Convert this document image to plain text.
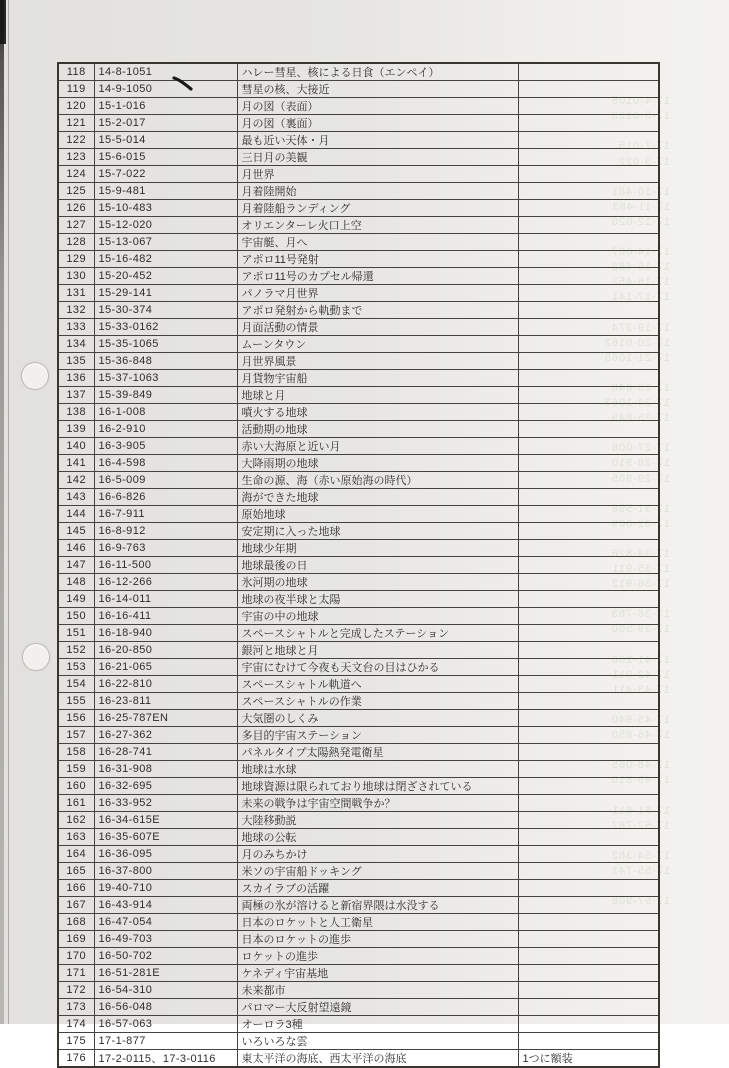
17-4-0105
17-5-0123

17-7-015
17-9-022

17-10-481
17-11-483
17-12-020

17-14-067
17-15-482
17-16-452
17-17-141

17-19-374
17-20-0162
17-21-1065

17-23-848
17-24-1063
17-25-849

17-27-008
17-28-910
17-29-905

17-31-598
17-32-009

17-34-826
17-35-911
17-36-912

17-38-763
17-39-500

17-41-266
17-42-011
17-43-411

17-45-940
17-46-850

17-48-065
17-49-810

17-51-811
17-52-787

17-54-362
17-55-741

17-57-908

118	14-8-1051	ハレー彗星、核による日食（エンペイ）	
119	14-9-1050	彗星の核、大接近	
120	15-1-016	月の図（表面）	
121	15-2-017	月の図（裏面）	
122	15-5-014	最も近い天体・月	
123	15-6-015	三日月の美観	
124	15-7-022	月世界	
125	15-9-481	月着陸開始	
126	15-10-483	月着陸船ランディング	
127	15-12-020	オリエンターレ火口上空	
128	15-13-067	宇宙艇、月へ	
129	15-16-482	アポロ11号発射	
130	15-20-452	アポロ11号のカプセル帰還	
131	15-29-141	パノラマ月世界	
132	15-30-374	アポロ発射から軌動まで	
133	15-33-0162	月面活動の情景	
134	15-35-1065	ムーンタウン	
135	15-36-848	月世界風景	
136	15-37-1063	月貨物宇宙船	
137	15-39-849	地球と月	
138	16-1-008	噴火する地球	
139	16-2-910	活動期の地球	
140	16-3-905	赤い大海原と近い月	
141	16-4-598	大降雨期の地球	
142	16-5-009	生命の源、海（赤い原始海の時代）	
143	16-6-826	海ができた地球	
144	16-7-911	原始地球	
145	16-8-912	安定期に入った地球	
146	16-9-763	地球少年期	
147	16-11-500	地球最後の日	
148	16-12-266	氷河期の地球	
149	16-14-011	地球の夜半球と太陽	
150	16-16-411	宇宙の中の地球	
151	16-18-940	スペースシャトルと完成したステーション	
152	16-20-850	銀河と地球と月	
153	16-21-065	宇宙にむけて今夜も天文台の目はひかる	
154	16-22-810	スペースシャトル軌道へ	
155	16-23-811	スペースシャトルの作業	
156	16-25-787EN	大気圏のしくみ	
157	16-27-362	多目的宇宙ステーション	
158	16-28-741	パネルタイプ太陽熱発電衛星	
159	16-31-908	地球は水球	
160	16-32-695	地球資源は限られており地球は閉ざされている	
161	16-33-952	未来の戦争は宇宙空間戦争か？	
162	16-34-615E	大陸移動説	
163	16-35-607E	地球の公転	
164	16-36-095	月のみちかけ	
165	16-37-800	米ソの宇宙船ドッキング	
166	19-40-710	スカイラブの活躍	
167	16-43-914	両極の氷が溶けると新宿界隈は水没する	
168	16-47-054	日本のロケットと人工衛星	
169	16-49-703	日本のロケットの進歩	
170	16-50-702	ロケットの進歩	
171	16-51-281E	ケネディ宇宙基地	
172	16-54-310	未来都市	
173	16-56-048	パロマー大反射望遠鏡	
174	16-57-063	オーロラ3種	
175	17-1-877	いろいろな雲	
176	17-2-0115、17-3-0116	東太平洋の海底、西太平洋の海底	1つに額装
